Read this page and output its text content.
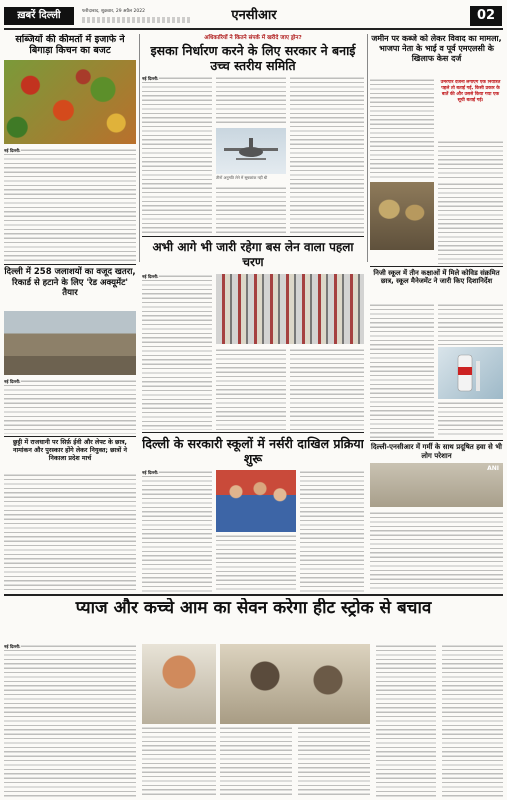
ख़बरें दिल्ली	फरीदाबाद, शुक्रवार, 29 अप्रैल 2022	एनसीआर	02
सब्जियों की कीमतों में इजाफे ने बिगाड़ा किचन का बजट
नई दिल्ली:
अधिकारियों ने कितने संपर्क में खरीदे जाए ड्रोन?
इसका निर्धारण करने के लिए सरकार ने बनाई उच्च स्तरीय समिति
नई दिल्ली:
तीनों अनुमति लेने में सूचकांक नहीं थी
जमीन पर कब्जे को लेकर विवाद का मामला, भाजपा नेता के भाई व पूर्व एमएलसी के खिलाफ केस दर्ज
उमरपार दर्जनों लगाएंगे एक नियंत्रित पहले तो बताई गई, किसी प्रकार के बातें की और उससे किया गया एक सूची बताई गई।
अभी आगे भी जारी रहेगा बस लेन वाला पहला चरण
नई दिल्ली:	निजी स्कूल में तीन कक्षाओं में मिले कोविड संक्रमित छात्र, स्कूल मैनेजमेंट ने जारी किए दिशानिर्देश
दिल्ली में 258 जलाशयों का वजूद खतरा, रिकार्ड से हटाने के लिए 'रेड अक्यूमेंट' तैयार
नई दिल्ली:
दिल्ली के सरकारी स्कूलों में नर्सरी दाखिल प्रक्रिया शुरू
नई दिल्ली:
दिल्ली-एनसीआर में गर्मी के साथ प्रदूषित हवा से भी लोग परेशान
ANI
छुट्टी में राजधानी पर सिर्फ़ ईवी और लेफ्ट के छात्र, नामांकन और पुरस्कार होंगे लेकर नियुक्त; छात्रों ने निकाला प्रदेश मार्च
प्याज और कच्चे आम का सेवन करेगा हीट स्ट्रोक से बचाव
नई दिल्ली:
